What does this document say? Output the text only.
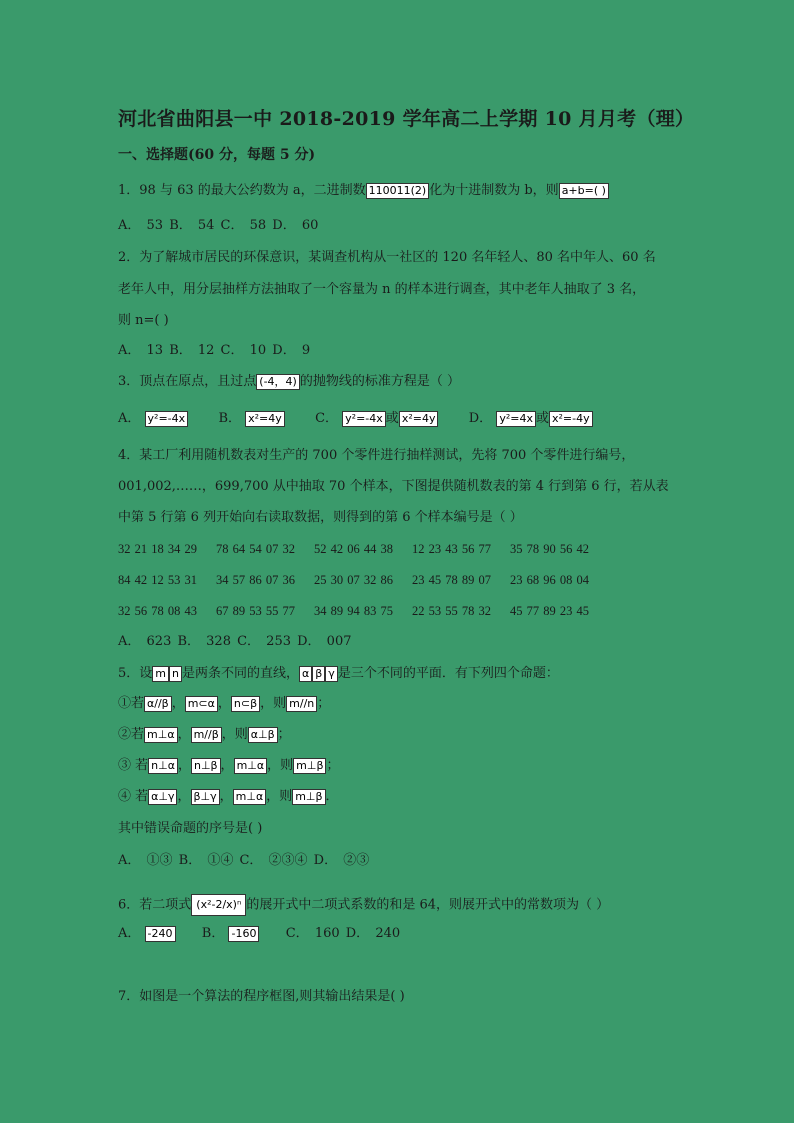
河北省曲阳县一中 2018-2019 学年高二上学期 10 月月考（理）
一、选择题(60 分，每题 5 分)
1．98 与 63 的最大公约数为 a，二进制数 110011(2) 化为十进制数为 b，则 a+b=( )
A． 53 B． 54 C． 58 D． 60
2．为了解城市居民的环保意识，某调查机构从一社区的 120 名年轻人、80 名中年人、60 名
老年人中，用分层抽样方法抽取了一个容量为 n 的样本进行调查，其中老年人抽取了 3 名，
则 n=( )
A． 13 B． 12 C． 10 D． 9
3．顶点在原点，且过点 (-4，4) 的抛物线的标准方程是（ ）
A． y²=-4x	B． x²=4y	C． y²=-4x 或 x²=4y	D． y²=4x 或 x²=-4y
4．某工厂利用随机数表对生产的 700 个零件进行抽样测试，先将 700 个零件进行编号，
001,002,……，699,700 从中抽取 70 个样本，下图提供随机数表的第 4 行到第 6 行，若从表
中第 5 行第 6 列开始向右读取数据，则得到的第 6 个样本编号是（ ）
32 21 18 34 29 78 64 54 07 32 52 42 06 44 38 12 23 43 56 77 35 78 90 56 42
84 42 12 53 31 34 57 86 07 36 25 30 07 32 86 23 45 78 89 07 23 68 96 08 04
32 56 78 08 43 67 89 53 55 77 34 89 94 83 75 22 53 55 78 32 45 77 89 23 45
A． 623 B． 328 C． 253 D． 007
5．设 m n 是两条不同的直线， α β γ 是三个不同的平面．有下列四个命题：
①若 α//β ， m⊂α ， n⊂β ，则 m//n ；
②若 m⊥α ， m//β ，则 α⊥β ；
③ 若 n⊥α ， n⊥β ， m⊥α ，则 m⊥β ；
④ 若 α⊥γ ， β⊥γ ， m⊥α ，则 m⊥β ．
其中错误命题的序号是( )
A． ①③ B． ①④ C． ②③④ D． ②③
6．若二项式 (x²-2/x)ⁿ 的展开式中二项式系数的和是 64，则展开式中的常数项为（ ）
A． -240 B． -160 C． 160 D． 240
7．如图是一个算法的程序框图,则其输出结果是( )
